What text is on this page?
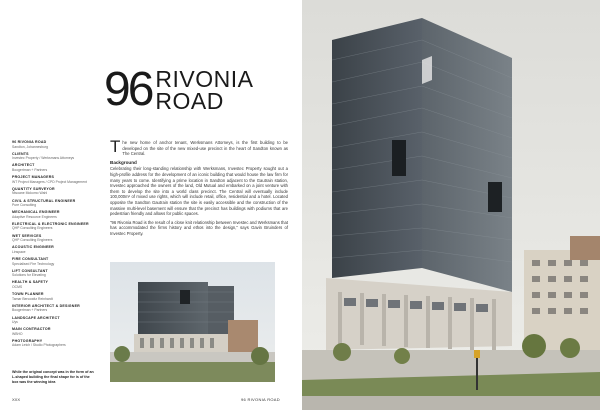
96 RIVONIA
ROAD
96 RIVONIA ROAD
Sandton, Johannesburg
CLIENTS
Investec Property / Werksmans Attorneys
ARCHITECT
Boogertman + Partners
PROJECT MANAGERS
WT Project Managers / CPD Project Management
QUANTITY SURVEYOR
Ntsoane Mokomo Wahl
CIVIL & STRUCTURAL ENGINEER
Pure Consulting
MECHANICAL ENGINEER
Adaptive Resource Engineers
ELECTRICAL & ELECTRONIC ENGINEER
QHP Consulting Engineers
WET SERVICES
QHP Consulting Engineers
ACOUSTIC ENGINEER
Linspace
FIRE CONSULTANT
Specialised Fire Technology
LIFT CONSULTANT
Solutions for Elevating
HEALTH & SAFETY
OCMS
TOWN PLANNER
Tamar Bercowitz Reinhardt
INTERIOR ARCHITECT & DESIGNER
Boogertman + Partners
LANDSCAPE ARCHITECT
Uys
MAIN CONTRACTOR
WBHO
PHOTOGRAPHY
Adam Letch / Studio Photographers
While the original concept was in the form of an L-shaped building the final shape for is of the box was the winning idea
XXX

T he new home of anchor tenant, Werksmans Attorneys, is the first building to be developed on the site of the new mixed-use precinct in the heart of Sandton known as The Central.

Background

Celebrating their long-standing relationship with Werksmans, Investec Property sought out a high-profile address for the development of an iconic building that would house the law firm for many years to come. Identifying a prime location in Sandton adjacent to the Gautrain station, Investec approached the owners of the land, Old Mutual and embarked on a joint venture with them to develop the site into a world class precinct. The Central will eventually include 100,000m² of mixed use rights, which will include retail, office, residential and a hotel. Located opposite the Sandton Gautrain station the site is easily accessible and the construction of the massive multi-level basement will ensure that the precinct has buildings with podiums that are pedestrian friendly and allows for public spaces.

"96 Rivonia Road is the result of a close knit relationship between Investec and Werksmans that has accommodated the firms history and ethos into the design," says Gavin Bruinders of Investec Property.

96 RIVONIA ROAD
